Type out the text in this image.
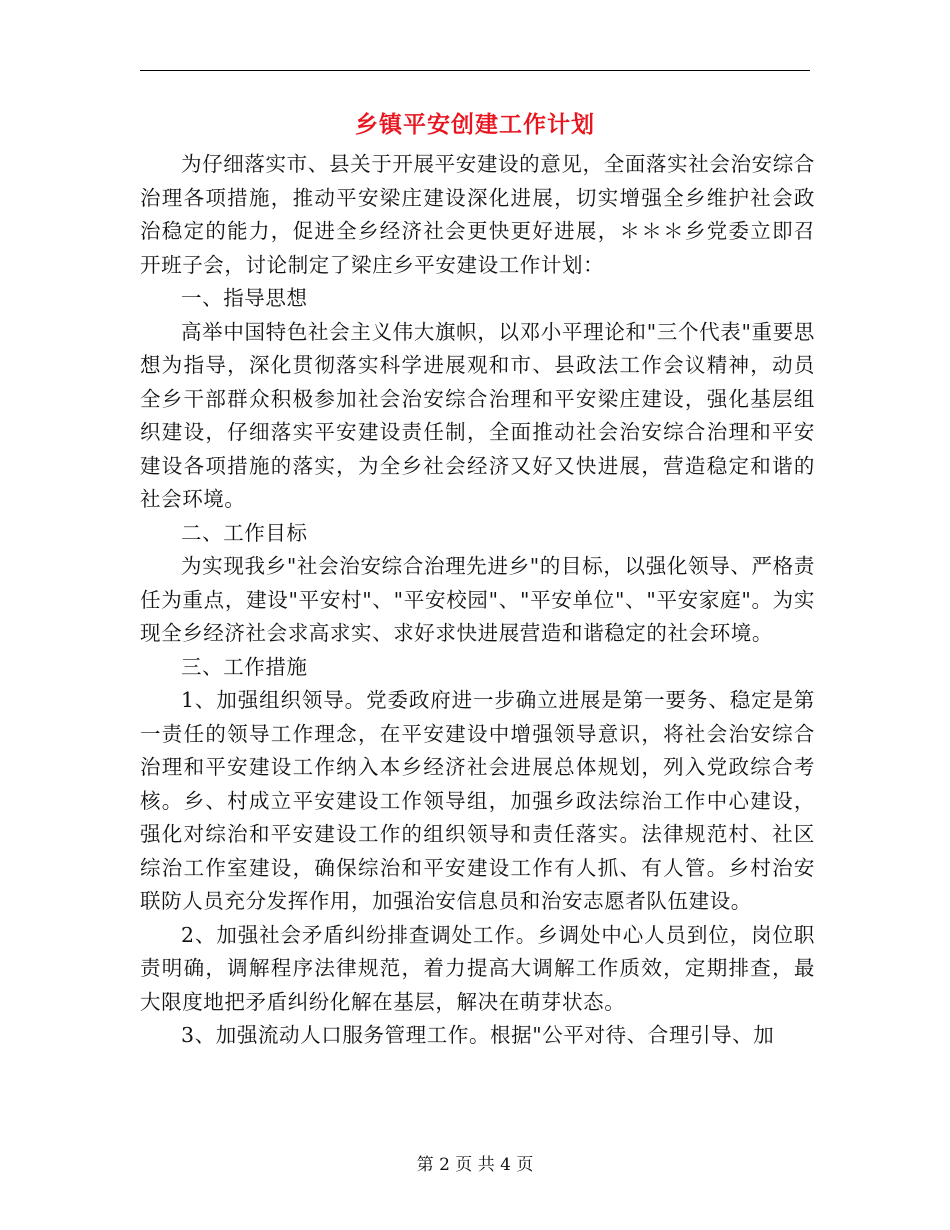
乡镇平安创建工作计划

为仔细落实市、县关于开展平安建设的意见，全面落实社会治安综合治理各项措施，推动平安梁庄建设深化进展，切实增强全乡维护社会政治稳定的能力，促进全乡经济社会更快更好进展，＊＊＊乡党委立即召开班子会，讨论制定了梁庄乡平安建设工作计划：

一、指导思想

高举中国特色社会主义伟大旗帜，以邓小平理论和"三个代表"重要思想为指导，深化贯彻落实科学进展观和市、县政法工作会议精神，动员全乡干部群众积极参加社会治安综合治理和平安梁庄建设，强化基层组织建设，仔细落实平安建设责任制，全面推动社会治安综合治理和平安建设各项措施的落实，为全乡社会经济又好又快进展，营造稳定和谐的社会环境。

二、工作目标

为实现我乡"社会治安综合治理先进乡"的目标，以强化领导、严格责任为重点，建设"平安村"、"平安校园"、"平安单位"、"平安家庭"。为实现全乡经济社会求高求实、求好求快进展营造和谐稳定的社会环境。

三、工作措施

1、加强组织领导。党委政府进一步确立进展是第一要务、稳定是第一责任的领导工作理念，在平安建设中增强领导意识，将社会治安综合治理和平安建设工作纳入本乡经济社会进展总体规划，列入党政综合考核。乡、村成立平安建设工作领导组，加强乡政法综治工作中心建设，强化对综治和平安建设工作的组织领导和责任落实。法律规范村、社区综治工作室建设，确保综治和平安建设工作有人抓、有人管。乡村治安联防人员充分发挥作用，加强治安信息员和治安志愿者队伍建设。

2、加强社会矛盾纠纷排查调处工作。乡调处中心人员到位，岗位职责明确，调解程序法律规范，着力提高大调解工作质效，定期排查，最大限度地把矛盾纠纷化解在基层，解决在萌芽状态。

3、加强流动人口服务管理工作。根据"公平对待、合理引导、加

第 2 页 共 4 页
